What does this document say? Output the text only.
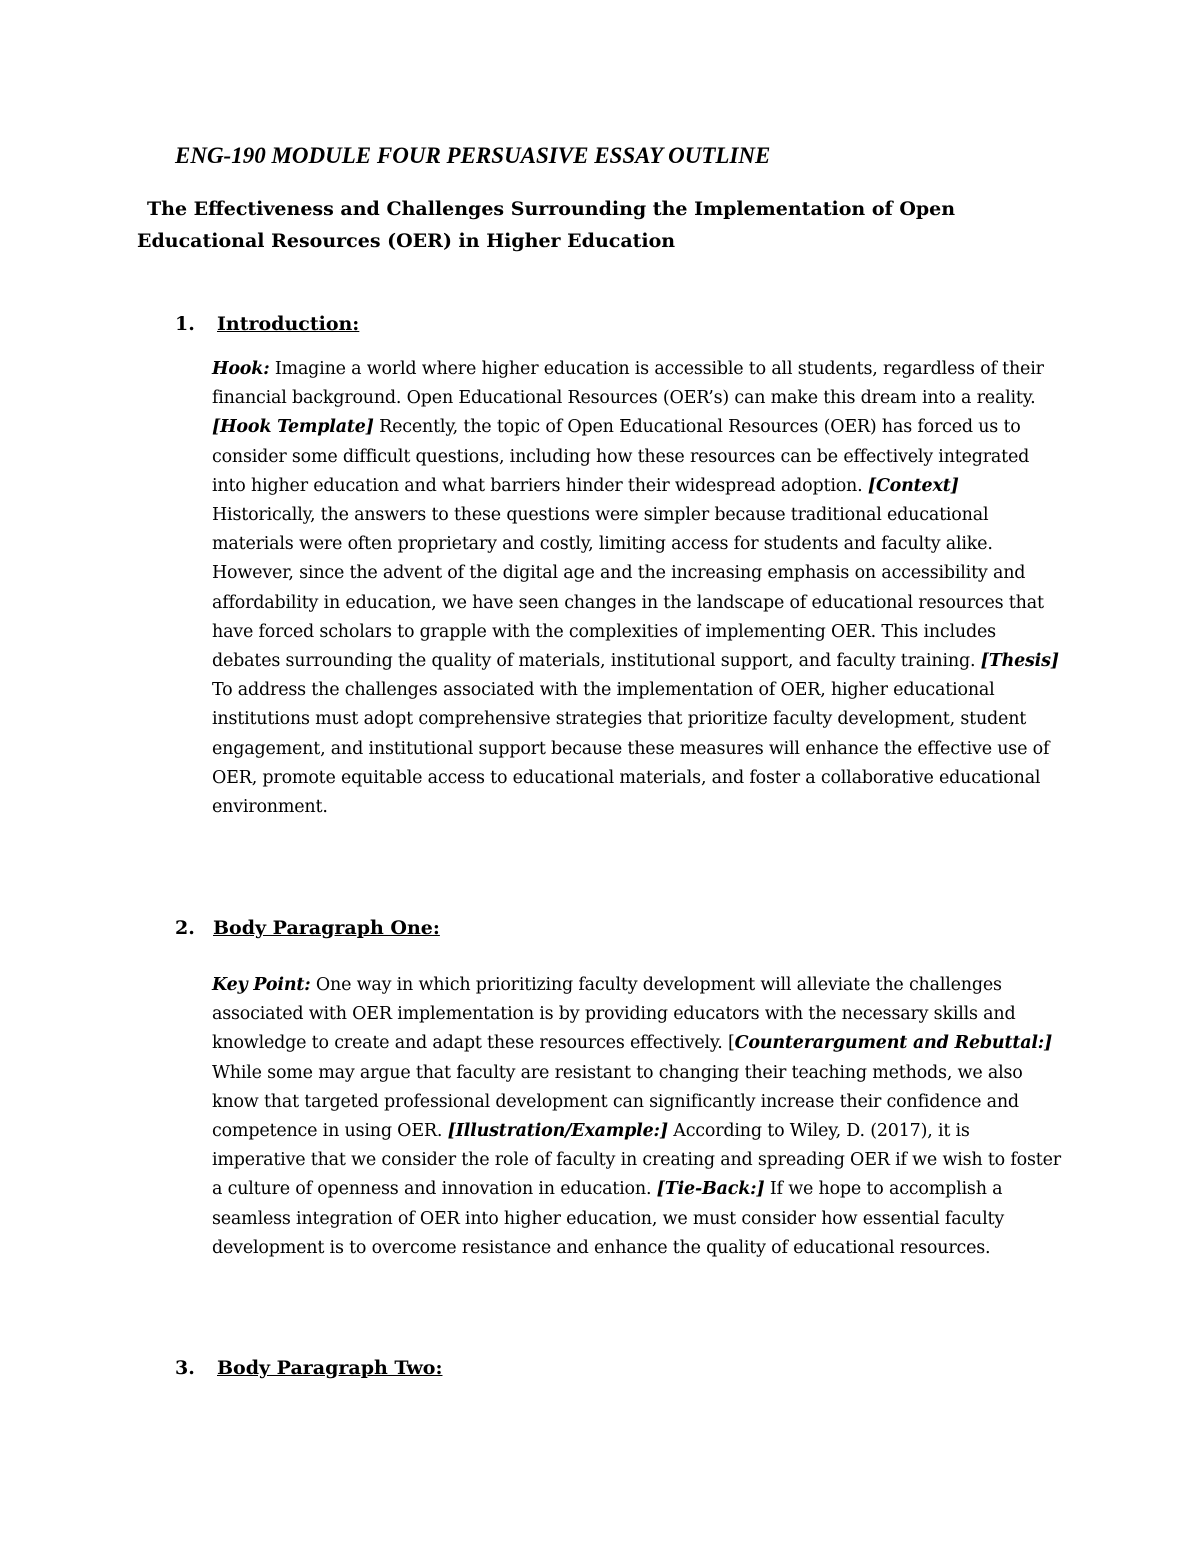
ENG-190 MODULE FOUR PERSUASIVE ESSAY OUTLINE
The Effectiveness and Challenges Surrounding the Implementation of Open Educational Resources (OER) in Higher Education
1. Introduction:

Hook: Imagine a world where higher education is accessible to all students, regardless of their financial background. Open Educational Resources (OER’s) can make this dream into a reality. [Hook Template] Recently, the topic of Open Educational Resources (OER) has forced us to consider some difficult questions, including how these resources can be effectively integrated into higher education and what barriers hinder their widespread adoption. [Context] Historically, the answers to these questions were simpler because traditional educational materials were often proprietary and costly, limiting access for students and faculty alike. However, since the advent of the digital age and the increasing emphasis on accessibility and affordability in education, we have seen changes in the landscape of educational resources that have forced scholars to grapple with the complexities of implementing OER. This includes debates surrounding the quality of materials, institutional support, and faculty training. [Thesis] To address the challenges associated with the implementation of OER, higher educational institutions must adopt comprehensive strategies that prioritize faculty development, student engagement, and institutional support because these measures will enhance the effective use of OER, promote equitable access to educational materials, and foster a collaborative educational environment.

2. Body Paragraph One:

Key Point: One way in which prioritizing faculty development will alleviate the challenges associated with OER implementation is by providing educators with the necessary skills and knowledge to create and adapt these resources effectively. [Counterargument and Rebuttal:] While some may argue that faculty are resistant to changing their teaching methods, we also know that targeted professional development can significantly increase their confidence and competence in using OER. [Illustration/Example:] According to Wiley, D. (2017), it is imperative that we consider the role of faculty in creating and spreading OER if we wish to foster a culture of openness and innovation in education. [Tie-Back:] If we hope to accomplish a seamless integration of OER into higher education, we must consider how essential faculty development is to overcome resistance and enhance the quality of educational resources.

3. Body Paragraph Two:
